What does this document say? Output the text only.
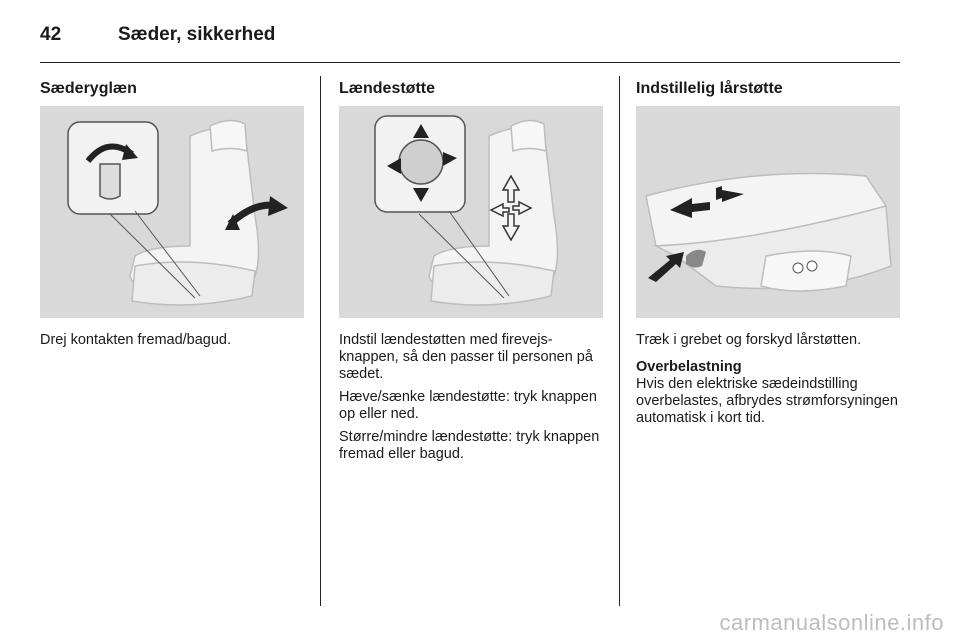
42	Sæder, sikkerhed
Sæderyglæn

Drej kontakten fremad/bagud.

Lændestøtte

Indstil lændestøtten med firevejsknappen, så den passer til personen på sædet.

Hæve/sænke lændestøtte: tryk knappen op eller ned.

Større/mindre lændestøtte: tryk knappen fremad eller bagud.

Indstillelig lårstøtte

Træk i grebet og forskyd lårstøtten.

Overbelastning

Hvis den elektriske sædeindstilling overbelastes, afbrydes strømforsyningen automatisk i kort tid.

carmanualsonline.info
